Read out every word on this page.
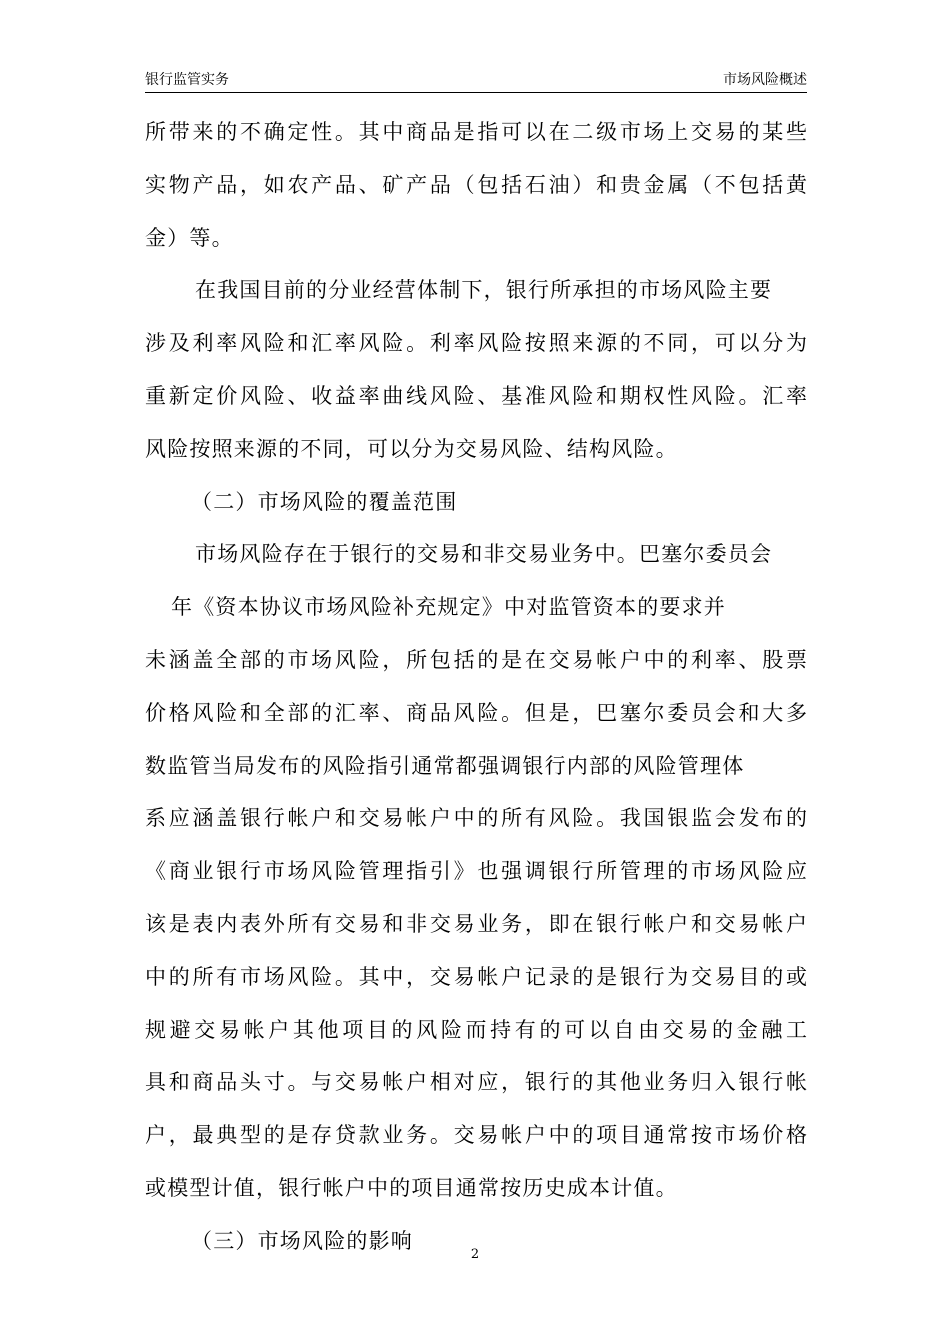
银行监管实务	市场风险概述
所带来的不确定性。其中商品是指可以在二级市场上交易的某些
实物产品，如农产品、矿产品（包括石油）和贵金属（不包括黄
金）等。
在我国目前的分业经营体制下，银行所承担的市场风险主要
涉及利率风险和汇率风险。利率风险按照来源的不同，可以分为
重新定价风险、收益率曲线风险、基准风险和期权性风险。汇率
风险按照来源的不同，可以分为交易风险、结构风险。
（二）市场风险的覆盖范围
市场风险存在于银行的交易和非交易业务中。巴塞尔委员会
年《资本协议市场风险补充规定》中对监管资本的要求并
未涵盖全部的市场风险，所包括的是在交易帐户中的利率、股票
价格风险和全部的汇率、商品风险。但是，巴塞尔委员会和大多
数监管当局发布的风险指引通常都强调银行内部的风险管理体
系应涵盖银行帐户和交易帐户中的所有风险。我国银监会发布的
《商业银行市场风险管理指引》也强调银行所管理的市场风险应
该是表内表外所有交易和非交易业务，即在银行帐户和交易帐户
中的所有市场风险。其中，交易帐户记录的是银行为交易目的或
规避交易帐户其他项目的风险而持有的可以自由交易的金融工
具和商品头寸。与交易帐户相对应，银行的其他业务归入银行帐
户，最典型的是存贷款业务。交易帐户中的项目通常按市场价格
或模型计值，银行帐户中的项目通常按历史成本计值。
（三）市场风险的影响
2
